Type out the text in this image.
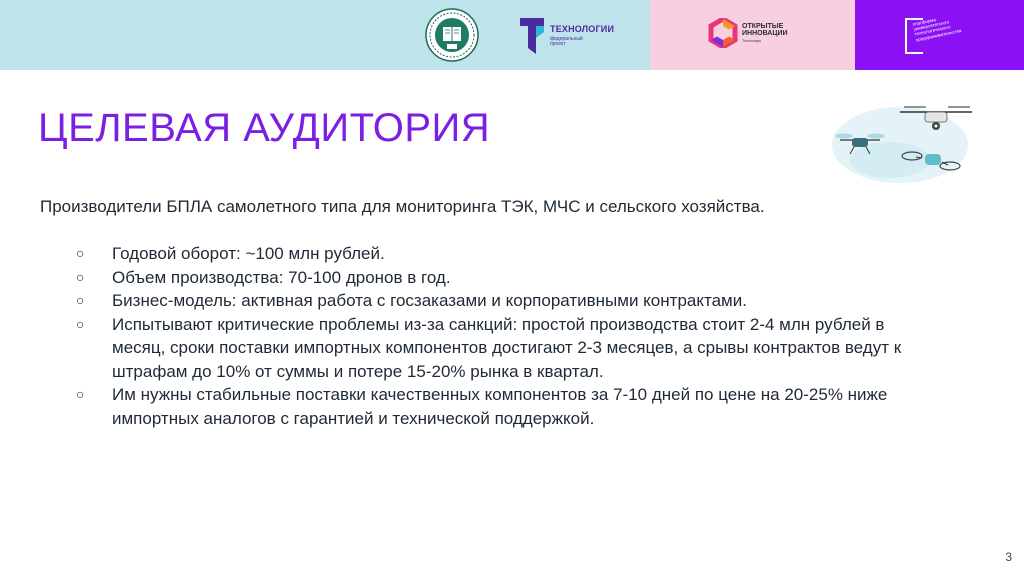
ТЕХНОЛОГИИ
федеральный проект
ОТКРЫТЫЕ
ИННОВАЦИИ
Технопарк
платформа университетского технологического предпринимательства
ЦЕЛЕВАЯ АУДИТОРИЯ

Производители БПЛА самолетного типа для мониторинга ТЭК, МЧС и сельского хозяйства.

○	Годовой оборот: ~100 млн рублей.
○	Объем производства: 70-100 дронов в год.
○	Бизнес-модель: активная работа с госзаказами и корпоративными контрактами.
○	Испытывают критические проблемы из-за санкций: простой производства стоит 2-4 млн рублей в месяц, сроки поставки импортных компонентов достигают 2-3 месяцев, а срывы контрактов ведут к штрафам до 10% от суммы и потере 15-20% рынка в квартал.
○	Им нужны стабильные поставки качественных компонентов за 7-10 дней по цене на 20-25% ниже импортных аналогов с гарантией и технической поддержкой.
3
